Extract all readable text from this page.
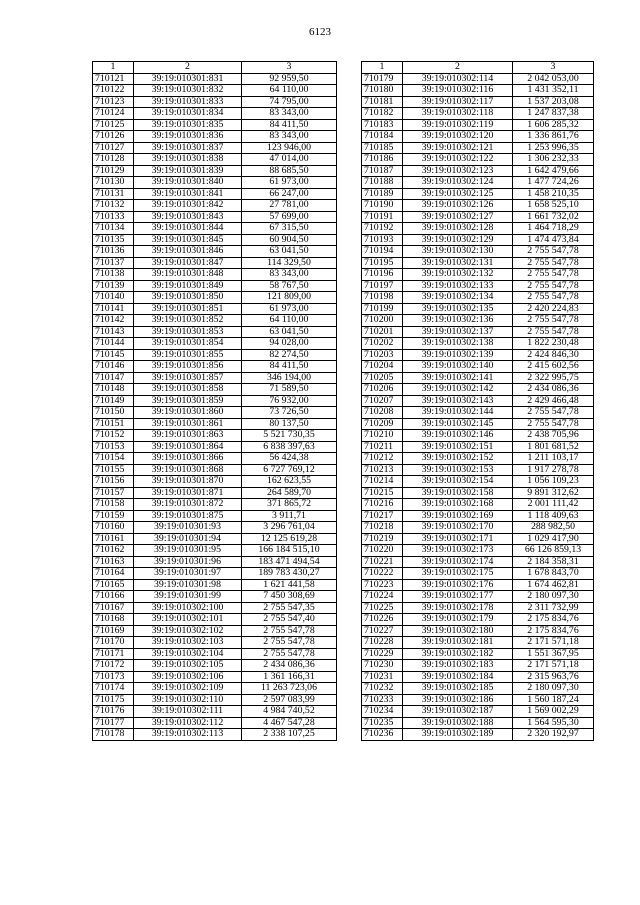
6123
1	2	3
710121	39:19:010301:831	92 959,50
710122	39:19:010301:832	64 110,00
710123	39:19:010301:833	74 795,00
710124	39:19:010301:834	83 343,00
710125	39:19:010301:835	84 411,50
710126	39:19:010301:836	83 343,00
710127	39:19:010301:837	123 946,00
710128	39:19:010301:838	47 014,00
710129	39:19:010301:839	88 685,50
710130	39:19:010301:840	61 973,00
710131	39:19:010301:841	66 247,00
710132	39:19:010301:842	27 781,00
710133	39:19:010301:843	57 699,00
710134	39:19:010301:844	67 315,50
710135	39:19:010301:845	60 904,50
710136	39:19:010301:846	63 041,50
710137	39:19:010301:847	114 329,50
710138	39:19:010301:848	83 343,00
710139	39:19:010301:849	58 767,50
710140	39:19:010301:850	121 809,00
710141	39:19:010301:851	61 973,00
710142	39:19:010301:852	64 110,00
710143	39:19:010301:853	63 041,50
710144	39:19:010301:854	94 028,00
710145	39:19:010301:855	82 274,50
710146	39:19:010301:856	84 411,50
710147	39:19:010301:857	346 194,00
710148	39:19:010301:858	71 589,50
710149	39:19:010301:859	76 932,00
710150	39:19:010301:860	73 726,50
710151	39:19:010301:861	80 137,50
710152	39:19:010301:863	5 521 730,35
710153	39:19:010301:864	6 838 397,63
710154	39:19:010301:866	56 424,38
710155	39:19:010301:868	6 727 769,12
710156	39:19:010301:870	162 623,55
710157	39:19:010301:871	264 589,70
710158	39:19:010301:872	371 865,72
710159	39:19:010301:875	3 911,71
710160	39:19:010301:93	3 296 761,04
710161	39:19:010301:94	12 125 619,28
710162	39:19:010301:95	166 184 515,10
710163	39:19:010301:96	183 471 494,54
710164	39:19:010301:97	189 783 430,27
710165	39:19:010301:98	1 621 441,58
710166	39:19:010301:99	7 450 308,69
710167	39:19:010302:100	2 755 547,35
710168	39:19:010302:101	2 755 547,40
710169	39:19:010302:102	2 755 547,78
710170	39:19:010302:103	2 755 547,78
710171	39:19:010302:104	2 755 547,78
710172	39:19:010302:105	2 434 086,36
710173	39:19:010302:106	1 361 166,31
710174	39:19:010302:109	11 263 723,06
710175	39:19:010302:110	2 597 083,99
710176	39:19:010302:111	4 984 740,52
710177	39:19:010302:112	4 467 547,28
710178	39:19:010302:113	2 338 107,25
1	2	3
710179	39:19:010302:114	2 042 053,00
710180	39:19:010302:116	1 431 352,11
710181	39:19:010302:117	1 537 203,08
710182	39:19:010302:118	1 247 837,38
710183	39:19:010302:119	1 606 285,32
710184	39:19:010302:120	1 336 861,76
710185	39:19:010302:121	1 253 996,35
710186	39:19:010302:122	1 306 232,33
710187	39:19:010302:123	1 642 479,66
710188	39:19:010302:124	1 477 724,26
710189	39:19:010302:125	1 458 210,35
710190	39:19:010302:126	1 658 525,10
710191	39:19:010302:127	1 661 732,02
710192	39:19:010302:128	1 464 718,29
710193	39:19:010302:129	1 474 473,84
710194	39:19:010302:130	2 755 547,78
710195	39:19:010302:131	2 755 547,78
710196	39:19:010302:132	2 755 547,78
710197	39:19:010302:133	2 755 547,78
710198	39:19:010302:134	2 755 547,78
710199	39:19:010302:135	2 420 224,83
710200	39:19:010302:136	2 755 547,78
710201	39:19:010302:137	2 755 547,78
710202	39:19:010302:138	1 822 230,48
710203	39:19:010302:139	2 424 846,30
710204	39:19:010302:140	2 415 602,56
710205	39:19:010302:141	2 322 995,75
710206	39:19:010302:142	2 434 086,36
710207	39:19:010302:143	2 429 466,48
710208	39:19:010302:144	2 755 547,78
710209	39:19:010302:145	2 755 547,78
710210	39:19:010302:146	2 438 705,96
710211	39:19:010302:151	1 801 681,52
710212	39:19:010302:152	1 211 103,17
710213	39:19:010302:153	1 917 278,78
710214	39:19:010302:154	1 056 109,23
710215	39:19:010302:158	9 891 312,62
710216	39:19:010302:168	2 001 111,42
710217	39:19:010302:169	1 118 409,63
710218	39:19:010302:170	288 982,50
710219	39:19:010302:171	1 029 417,90
710220	39:19:010302:173	66 126 859,13
710221	39:19:010302:174	2 184 358,31
710222	39:19:010302:175	1 678 843,70
710223	39:19:010302:176	1 674 462,81
710224	39:19:010302:177	2 180 097,30
710225	39:19:010302:178	2 311 732,99
710226	39:19:010302:179	2 175 834,76
710227	39:19:010302:180	2 175 834,76
710228	39:19:010302:181	2 171 571,18
710229	39:19:010302:182	1 551 367,95
710230	39:19:010302:183	2 171 571,18
710231	39:19:010302:184	2 315 963,76
710232	39:19:010302:185	2 180 097,30
710233	39:19:010302:186	1 560 187,24
710234	39:19:010302:187	1 569 002,29
710235	39:19:010302:188	1 564 595,30
710236	39:19:010302:189	2 320 192,97
